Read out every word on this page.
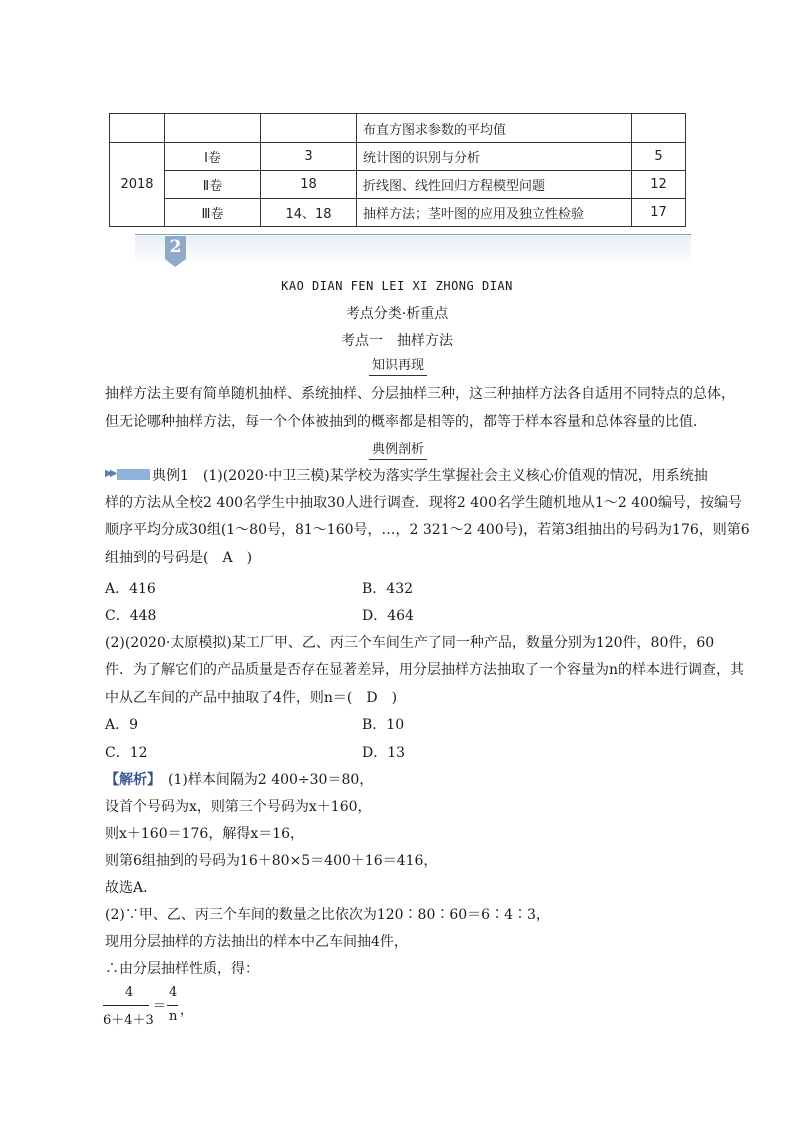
			布直方图求参数的平均值	
2018	Ⅰ卷	3	统计图的识别与分析	5
	Ⅱ卷	18	折线图、线性回归方程模型问题	12
	Ⅲ卷	14、18	抽样方法；茎叶图的应用及独立性检验	17
2
KAO DIAN FEN LEI XI ZHONG DIAN
考点分类·析重点
考点一　抽样方法
知识再现
抽样方法主要有简单随机抽样、系统抽样、分层抽样三种，这三种抽样方法各自适用不同特点的总体，
但无论哪种抽样方法，每一个个体被抽到的概率都是相等的，都等于样本容量和总体容量的比值．
典例剖析
▶▶	典例1　(1)(2020·中卫三模)某学校为落实学生掌握社会主义核心价值观的情况，用系统抽
样的方法从全校2 400名学生中抽取30人进行调查．现将2 400名学生随机地从1～2 400编号，按编号
顺序平均分成30组(1～80号，81～160号，…，2 321～2 400号)，若第3组抽出的号码为176，则第6
组抽到的号码是(　A　)
A．416	B．432
C．448	D．464
(2)(2020·太原模拟)某工厂甲、乙、丙三个车间生产了同一种产品，数量分别为120件，80件，60
件．为了解它们的产品质量是否存在显著差异，用分层抽样方法抽取了一个容量为n的样本进行调查，其
中从乙车间的产品中抽取了4件，则n＝(　D　)
A．9	B．10
C．12	D．13
【解析】　(1)样本间隔为2 400÷30＝80，
设首个号码为x，则第三个号码为x＋160，
则x＋160＝176，解得x＝16，
则第6组抽到的号码为16＋80×5＝400＋16＝416，
故选A．
(2)∵甲、乙、丙三个车间的数量之比依次为120∶80∶60＝6∶4∶3，
现用分层抽样的方法抽出的样本中乙车间抽4件，
∴由分层抽样性质，得：
4
6＋4＋3
＝
4
n ，
